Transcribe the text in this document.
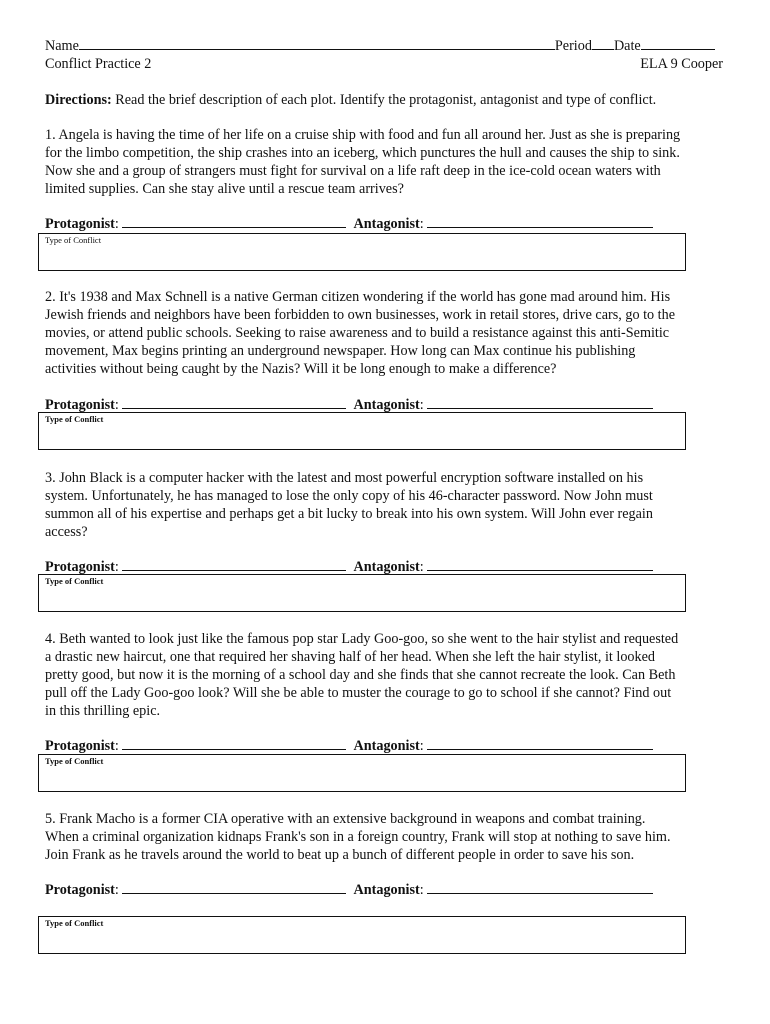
Name	Period Date
Conflict Practice 2	ELA 9 Cooper
Directions: Read the brief description of each plot. Identify the protagonist, antagonist and type of conflict.
1. Angela is having the time of her life on a cruise ship with food and fun all around her. Just as she is preparing
for the limbo competition, the ship crashes into an iceberg, which punctures the hull and causes the ship to sink.
Now she and a group of strangers must fight for survival on a life raft deep in the ice-cold ocean waters with
limited supplies. Can she stay alive until a rescue team arrives?
Protagonist:	Antagonist:
Type of Conflict
2. It's 1938 and Max Schnell is a native German citizen wondering if the world has gone mad around him. His
Jewish friends and neighbors have been forbidden to own businesses, work in retail stores, drive cars, go to the
movies, or attend public schools. Seeking to raise awareness and to build a resistance against this anti-Semitic
movement, Max begins printing an underground newspaper. How long can Max continue his publishing
activities without being caught by the Nazis? Will it be long enough to make a difference?
Protagonist:	Antagonist:
Type of Conflict
3. John Black is a computer hacker with the latest and most powerful encryption software installed on his
system. Unfortunately, he has managed to lose the only copy of his 46-character password. Now John must
summon all of his expertise and perhaps get a bit lucky to break into his own system. Will John ever regain
access?
Protagonist:	Antagonist:
Type of Conflict
4. Beth wanted to look just like the famous pop star Lady Goo-goo, so she went to the hair stylist and requested
a drastic new haircut, one that required her shaving half of her head. When she left the hair stylist, it looked
pretty good, but now it is the morning of a school day and she finds that she cannot recreate the look. Can Beth
pull off the Lady Goo-goo look? Will she be able to muster the courage to go to school if she cannot? Find out
in this thrilling epic.
Protagonist:	Antagonist:
Type of Conflict
5. Frank Macho is a former CIA operative with an extensive background in weapons and combat training.
When a criminal organization kidnaps Frank's son in a foreign country, Frank will stop at nothing to save him.
Join Frank as he travels around the world to beat up a bunch of different people in order to save his son.
Protagonist:	Antagonist:
Type of Conflict
